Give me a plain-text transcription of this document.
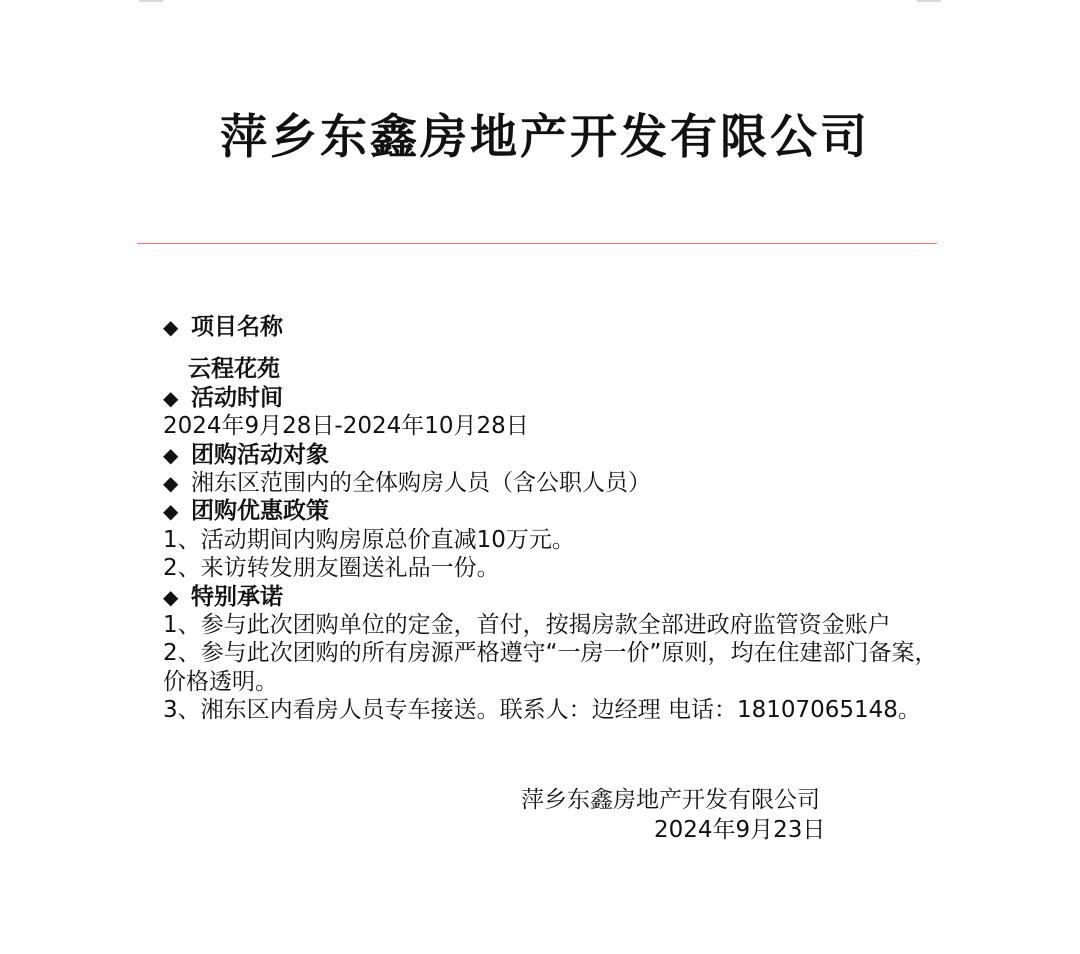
萍乡东鑫房地产开发有限公司
◆ 项目名称
云程花苑
◆ 活动时间
2024年9月28日-2024年10月28日
◆ 团购活动对象
◆ 湘东区范围内的全体购房人员（含公职人员）
◆ 团购优惠政策
1、活动期间内购房原总价直减10万元。
2、来访转发朋友圈送礼品一份。
◆ 特别承诺
1、参与此次团购单位的定金，首付，按揭房款全部进政府监管资金账户
2、参与此次团购的所有房源严格遵守“一房一价”原则，均在住建部门备案，价格透明。
3、湘东区内看房人员专车接送。联系人：边经理 电话：18107065148。
萍乡东鑫房地产开发有限公司
2024年9月23日
